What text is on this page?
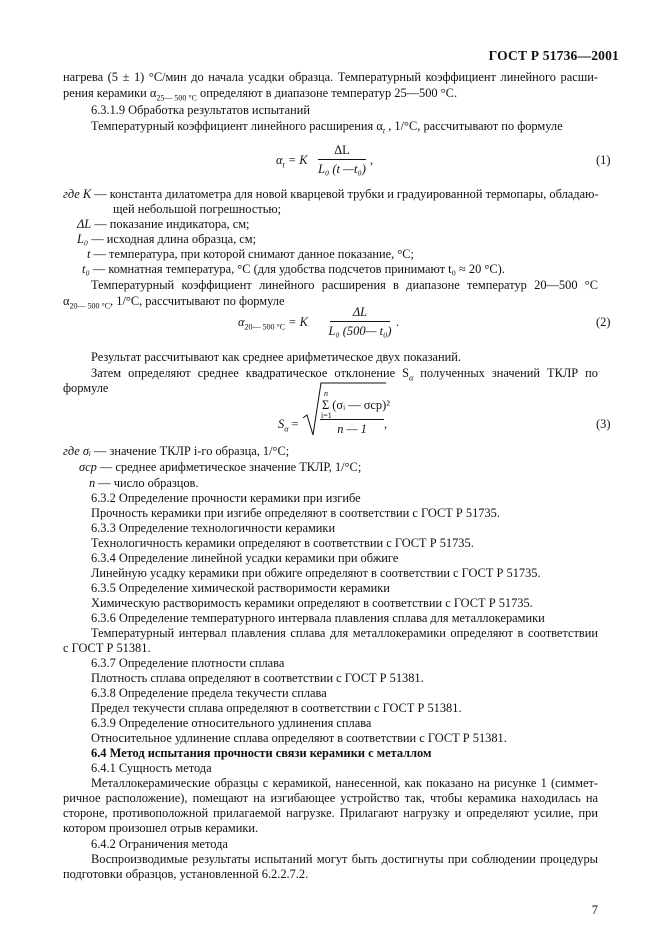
ГОСТ Р 51736—2001
нагрева (5 ± 1) °С/мин до начала усадки образца. Температурный коэффициент линейного расши-
рения керамики $\alpha_{25— 500 ^\circ С}$ определяют в диапазоне температур 25—500 °С.
6.3.1.9 Обработка результатов испытаний
Температурный коэффициент линейного расширения $\alpha_t$ , 1/°С, рассчитывают по формуле
$\alpha_t = K$
ΔL
L₀ (t —t₀)
,	(1)
где K — константа дилатометра для новой кварцевой трубки и градуированной термопары, обладаю-
щей небольшой погрешностью;
ΔL — показание индикатора, см;
L₀ — исходная длина образца, см;
t — температура, при которой снимают данное показание, °С;
t₀ — комнатная температура, °С (для удобства подсчетов принимают t₀ ≈ 20 °С).
Температурный коэффициент линейного расширения в диапазоне температур 20—500 °С
$\alpha_{20— 500 ^\circ С}$, 1/°С, рассчитывают по формуле
$\alpha_{20— 500 ^\circ С} = K$
ΔL
L₀ (500— t₀)
.	(2)
Результат рассчитывают как среднее арифметическое двух показаний.
Затем определяют среднее квадратическое отклонение $S_\alpha$ полученных значений ТКЛР по
формуле
$S_\alpha$ =
n
Σ (σᵢ — σср)²
i=1
n — 1	,	(3)
где σᵢ — значение ТКЛР i-го образца, 1/°С;
σср — среднее арифметическое значение ТКЛР, 1/°С;
n — число образцов.
6.3.2 Определение прочности керамики при изгибе
Прочность керамики при изгибе определяют в соответствии с ГОСТ Р 51735.
6.3.3 Определение технологичности керамики
Технологичность керамики определяют в соответствии с ГОСТ Р 51735.
6.3.4 Определение линейной усадки керамики при обжиге
Линейную усадку керамики при обжиге определяют в соответствии с ГОСТ Р 51735.
6.3.5 Определение химической растворимости керамики
Химическую растворимость керамики определяют в соответствии с ГОСТ Р 51735.
6.3.6 Определение температурного интервала плавления сплава для металлокерамики
Температурный интервал плавления сплава для металлокерамики определяют в соответствии
с ГОСТ Р 51381.
6.3.7 Определение плотности сплава
Плотность сплава определяют в соответствии с ГОСТ Р 51381.
6.3.8 Определение предела текучести сплава
Предел текучести сплава определяют в соответствии с ГОСТ Р 51381.
6.3.9 Определение относительного удлинения сплава
Относительное удлинение сплава определяют в соответствии с ГОСТ Р 51381.
6.4 Метод испытания прочности связи керамики с металлом
6.4.1 Сущность метода
Металлокерамические образцы с керамикой, нанесенной, как показано на рисунке 1 (симмет-
ричное расположение), помещают на изгибающее устройство так, чтобы керамика находилась на
стороне, противоположной прилагаемой нагрузке. Прилагают нагрузку и определяют усилие, при
котором произошел отрыв керамики.
6.4.2 Ограничения метода
Воспроизводимые результаты испытаний могут быть достигнуты при соблюдении процедуры
подготовки образцов, установленной 6.2.2.7.2.
7
